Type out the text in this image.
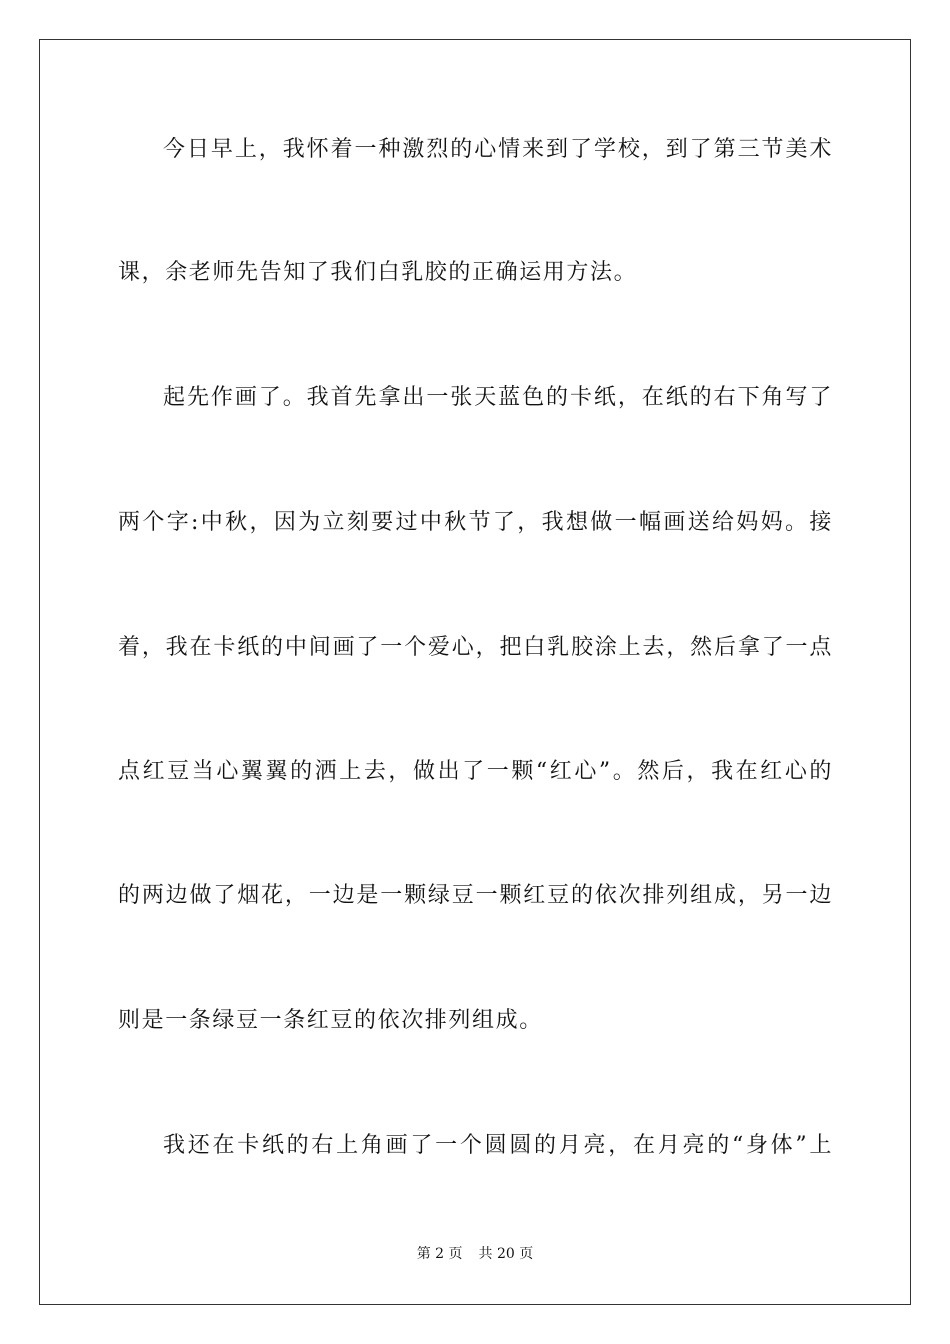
今日早上，我怀着一种激烈的心情来到了学校，到了第三节美术
课，余老师先告知了我们白乳胶的正确运用方法。
起先作画了。我首先拿出一张天蓝色的卡纸，在纸的右下角写了
两个字:中秋，因为立刻要过中秋节了，我想做一幅画送给妈妈。接
着，我在卡纸的中间画了一个爱心，把白乳胶涂上去，然后拿了一点
点红豆当心翼翼的洒上去，做出了一颗“红心”。然后，我在红心的
的两边做了烟花，一边是一颗绿豆一颗红豆的依次排列组成，另一边
则是一条绿豆一条红豆的依次排列组成。
我还在卡纸的右上角画了一个圆圆的月亮，在月亮的“身体”上
第 2 页 共 20 页
